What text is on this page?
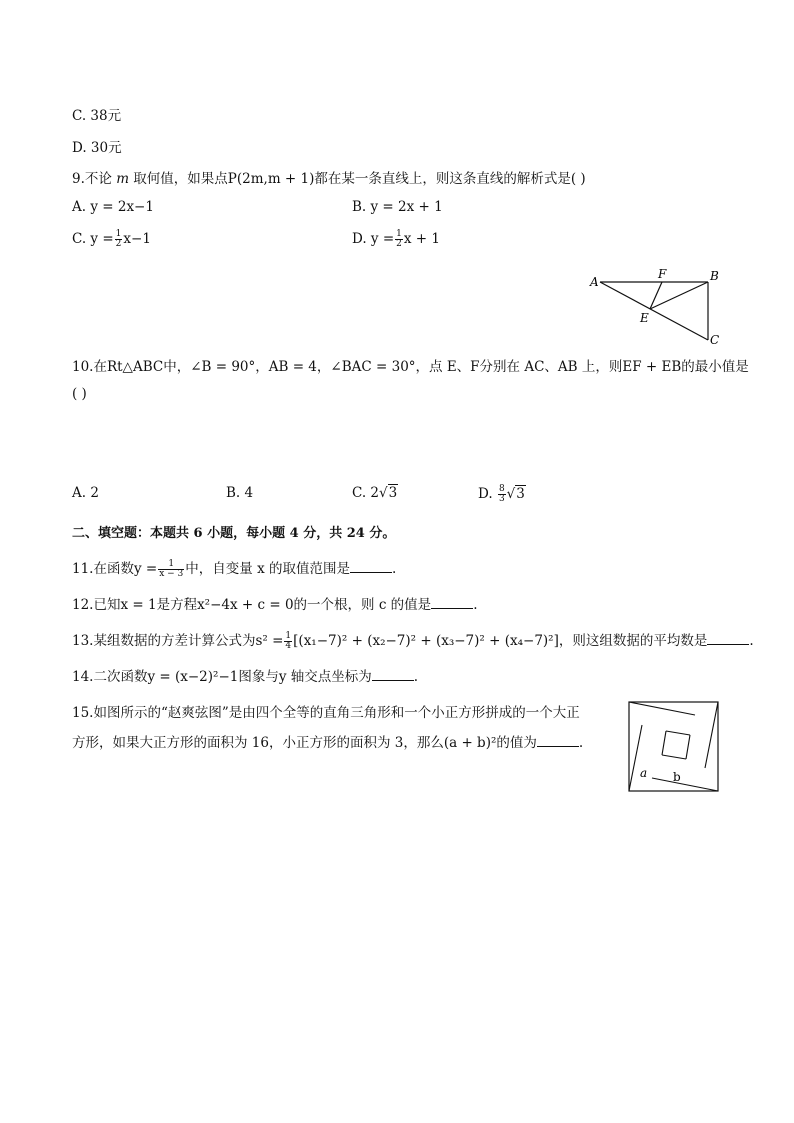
C. 38元
D. 30元
9.不论 m 取何值，如果点P(2m,m + 1)都在某一条直线上，则这条直线的解析式是( )
A. y = 2x−1	B. y = 2x + 1
C. $y = \frac{1}{2} x-1$	D. $y = \frac{1}{2}$ x + 1
A	B
C
E
F
10.在Rt△ABC中，∠B = 90°，AB = 4，∠BAC = 30°，点 E、F分别在 AC、AB 上，则EF + EB的最小值是
( )
A. 2	B. 4	C. 2√3	D. $\frac{8}{3} √3$
二、填空题：本题共 6 小题，每小题 4 分，共 24 分。
11.在函数$y = \frac{1}{x - 3}$ 中，自变量 x 的取值范围是	.
12.已知x = 1是方程x²−4x + c = 0的一个根，则 c 的值是	.
13.某组数据的方差计算公式为$s^2 = \frac{1}{4} [(x_1-7)^2 + (x_2-7)^2 + (x_3-7)^2 + (x_4-7)^2]$，则这组数据的平均数是	.
14.二次函数y = (x−2)²−1图象与y 轴交点坐标为	.
15.如图所示的“赵爽弦图”是由四个全等的直角三角形和一个小正方形拼成的一个大正
方形，如果大正方形的面积为 16，小正方形的面积为 3，那么(a + b)²的值为	.
a b
